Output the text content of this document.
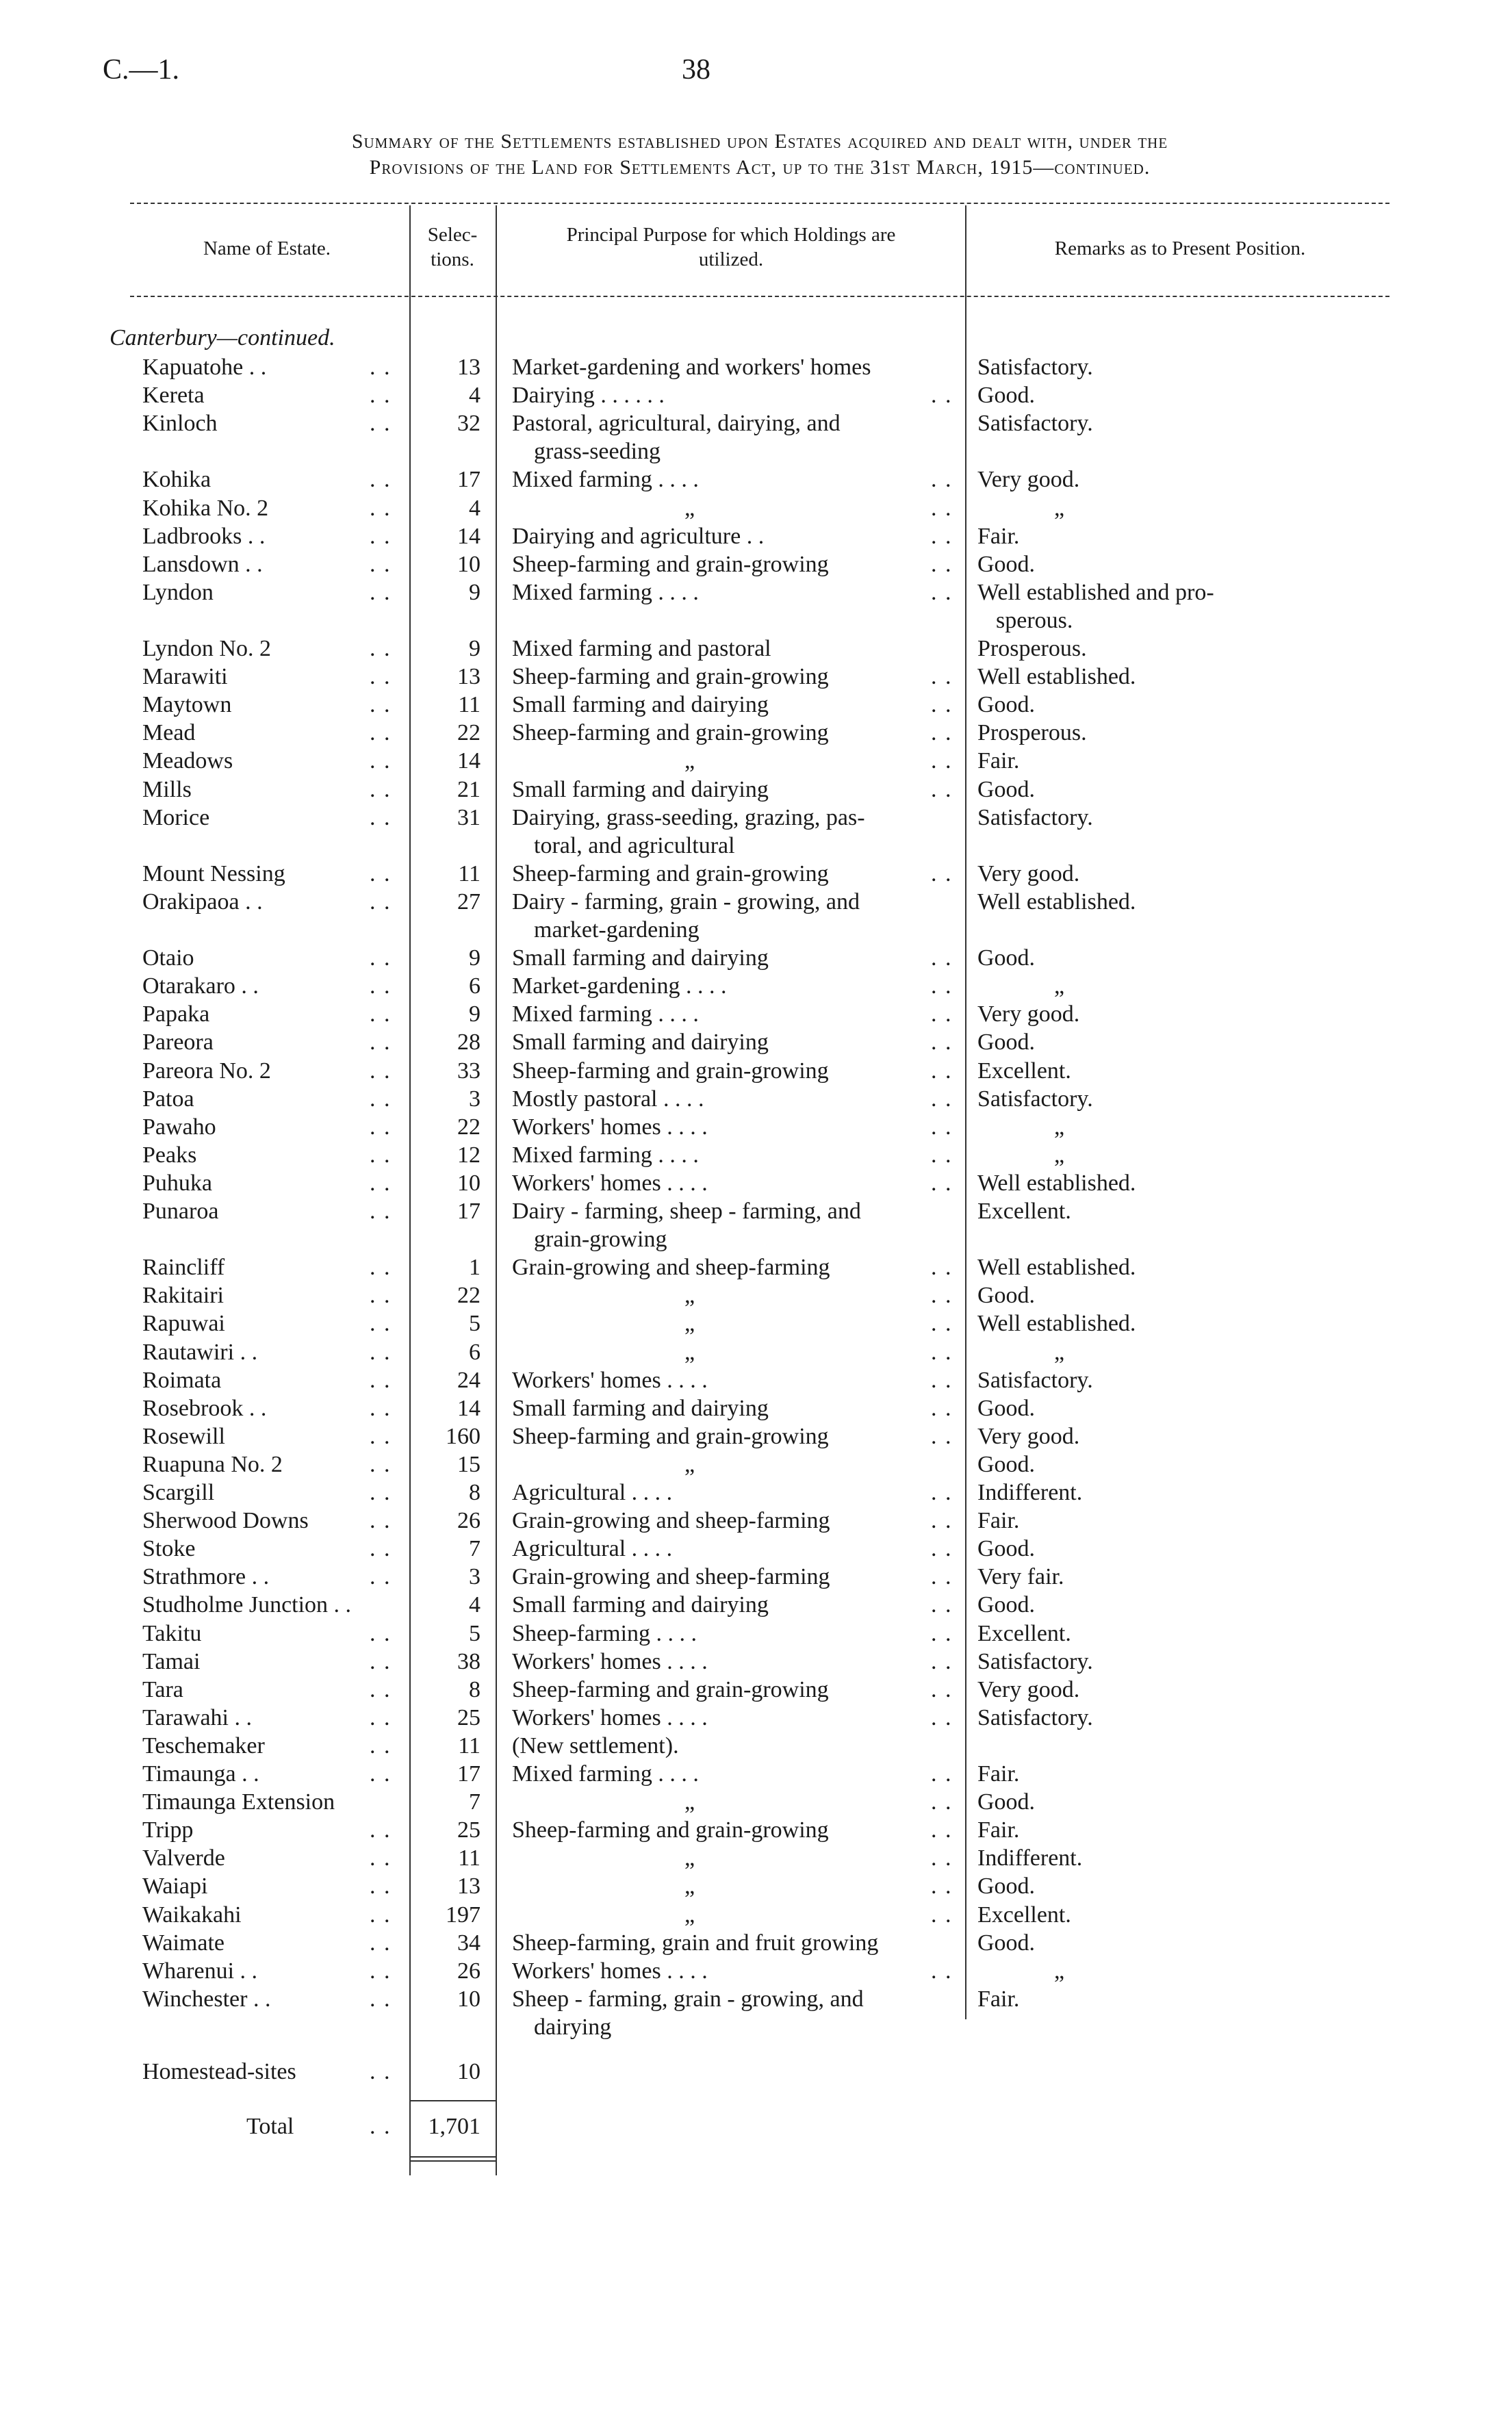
C.—1.	38
Summary of the Settlements established upon Estates acquired and dealt with, under the
Provisions of the Land for Settlements Act, up to the 31st March, 1915—continued.
Name of Estate.
Selec-
tions.
Principal Purpose for which Holdings are
utilized.
Remarks as to Present Position.
Canterbury—continued.
Kapuatohe . .	. .	13 Market-gardening and workers' homes	Satisfactory.
Kereta	. .	4 Dairying . . . . . .	. . Good.
Kinloch	. .	32 Pastoral, agricultural, dairying, and	Satisfactory.
grass-seeding
Kohika	. .	17 Mixed farming . . . .	. . Very good.
Kohika No. 2	. .	4	„	. .	„
Ladbrooks . .	. .	14 Dairying and agriculture . .	. . Fair.
Lansdown . .	. .	10 Sheep-farming and grain-growing	. . Good.
Lyndon	. .	9 Mixed farming . . . .	. . Well established and pro-
sperous.
Lyndon No. 2	. .	9 Mixed farming and pastoral	Prosperous.
Marawiti	. .	13 Sheep-farming and grain-growing	. . Well established.
Maytown	. .	11 Small farming and dairying	. . Good.
Mead	. .	22 Sheep-farming and grain-growing	. . Prosperous.
Meadows	. .	14	„	. . Fair.
Mills	. .	21 Small farming and dairying	. . Good.
Morice	. .	31 Dairying, grass-seeding, grazing, pas-	Satisfactory.
toral, and agricultural
Mount Nessing	. .	11 Sheep-farming and grain-growing	. . Very good.
Orakipaoa . .	. .	27 Dairy - farming, grain - growing, and	Well established.
market-gardening
Otaio	. .	9 Small farming and dairying	. . Good.
Otarakaro . .	. .	6 Market-gardening . . . .	. .	„
Papaka	. .	9 Mixed farming . . . .	. . Very good.
Pareora	. .	28 Small farming and dairying	. . Good.
Pareora No. 2	. .	33 Sheep-farming and grain-growing	. . Excellent.
Patoa	. .	3 Mostly pastoral . . . .	. . Satisfactory.
Pawaho	. .	22 Workers' homes . . . .	. .	„
Peaks	. .	12 Mixed farming . . . .	. .	„
Puhuka	. .	10 Workers' homes . . . .	. . Well established.
Punaroa	. .	17 Dairy - farming, sheep - farming, and	Excellent.
grain-growing
Raincliff	. .	1 Grain-growing and sheep-farming	. . Well established.
Rakitairi	. .	22	„	. . Good.
Rapuwai	. .	5	„	. . Well established.
Rautawiri . .	. .	6	„	. .	„
Roimata	. .	24 Workers' homes . . . .	. . Satisfactory.
Rosebrook . .	. .	14 Small farming and dairying	. . Good.
Rosewill	. .	160 Sheep-farming and grain-growing	. . Very good.
Ruapuna No. 2	. .	15	„	Good.
Scargill	. .	8 Agricultural . . . .	. . Indifferent.
Sherwood Downs	. .	26 Grain-growing and sheep-farming	. . Fair.
Stoke	. .	7 Agricultural . . . .	. . Good.
Strathmore . .	. .	3 Grain-growing and sheep-farming	. . Very fair.
Studholme Junction . .	4 Small farming and dairying	. . Good.
Takitu	. .	5 Sheep-farming . . . .	. . Excellent.
Tamai	. .	38 Workers' homes . . . .	. . Satisfactory.
Tara	. .	8 Sheep-farming and grain-growing	. . Very good.
Tarawahi . .	. .	25 Workers' homes . . . .	. . Satisfactory.
Teschemaker	. .	11 (New settlement).
Timaunga . .	. .	17 Mixed farming . . . .	. . Fair.
Timaunga Extension	7	„	. . Good.
Tripp	. .	25 Sheep-farming and grain-growing	. . Fair.
Valverde	. .	11	„	. . Indifferent.
Waiapi	. .	13	„	. . Good.
Waikakahi	. .	197	„	. . Excellent.
Waimate	. .	34 Sheep-farming, grain and fruit growing	Good.
Wharenui . .	. .	26 Workers' homes . . . .	. .	„
Winchester . .	. .	10 Sheep - farming, grain - growing, and	Fair.
dairying
Homestead-sites	. .	10
Total	. .	1,701
